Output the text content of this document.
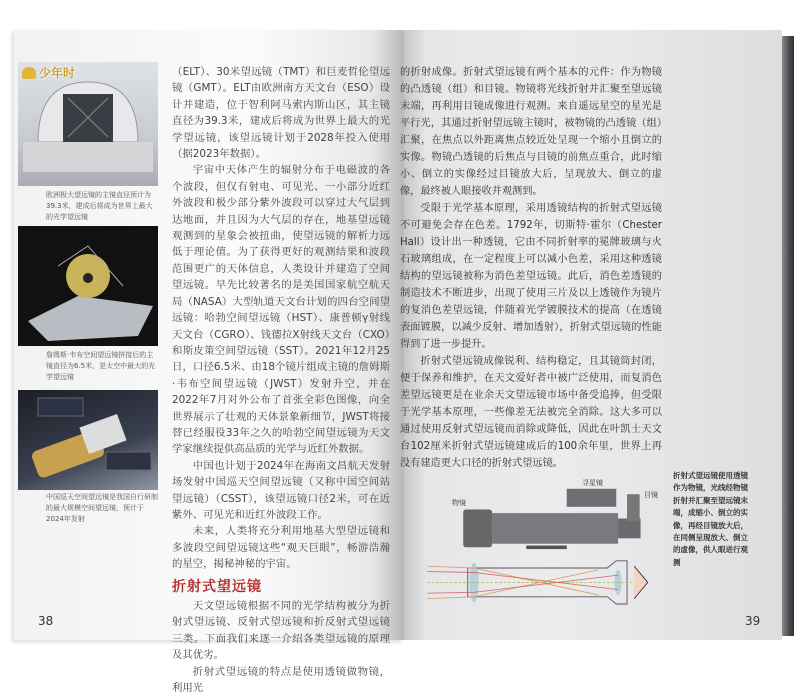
少年时
欧洲极大望远镜的主镜直径预计为39.3米，建成后将成为世界上最大的光学望远镜
詹姆斯·韦布空间望远镜拼接后的主镜直径为6.5米，是太空中最大的光学望远镜
中国巡天空间望远镜是我国自行研制的最大规模空间望远镜，预计于2024年发射

（ELT）、30米望远镜（TMT）和巨麦哲伦望远镜（GMT）。ELT由欧洲南方天文台（ESO）设计并建造，位于智利阿马索内斯山区，其主镜直径为39.3米，建成后将成为世界上最大的光学望远镜，该望远镜计划于2028年投入使用（据2023年数据）。

宇宙中天体产生的辐射分布于电磁波的各个波段，但仅有射电、可见光、一小部分近红外波段和极少部分紫外波段可以穿过大气层到达地面，并且因为大气层的存在，地基望远镜观测到的星象会被扭曲，使望远镜的解析力远低于理论值。为了获得更好的观测结果和波段范围更广的天体信息，人类设计并建造了空间望远镜。早先比较著名的是美国国家航空航天局（NASA）大型轨道天文台计划的四台空间望远镜：哈勃空间望远镜（HST）、康普顿γ射线天文台（CGRO）、钱德拉X射线天文台（CXO）和斯皮策空间望远镜（SST）。2021年12月25日，口径6.5米、由18个镜片组成主镜的詹姆斯·韦布空间望远镜（JWST）发射升空，并在2022年7月对外公布了首张全彩色图像，向全世界展示了壮观的天体景象新细节，JWST将接替已经服役33年之久的哈勃空间望远镜为天文学家继续提供高品质的光学与近红外数据。

中国也计划于2024年在海南文昌航天发射场发射中国巡天空间望远镜（又称中国空间站望远镜）（CSST），该望远镜口径2米，可在近紫外、可见光和近红外波段工作。

未来，人类将充分利用地基大型望远镜和多波段空间望远镜这些“观天巨眼”，畅游浩瀚的星空，揭秘神秘的宇宙。

折射式望远镜

天文望远镜根据不同的光学结构被分为折射式望远镜、反射式望远镜和折反射式望远镜三类。下面我们来逐一介绍各类望远镜的原理及其优劣。

折射式望远镜的特点是使用透镜做物镜，利用光

38

的折射成像。折射式望远镜有两个基本的元件：作为物镜的凸透镜（组）和目镜。物镜将光线折射并汇聚至望远镜末端，再利用目镜成像进行观测。来自遥远星空的星光是平行光，其通过折射望远镜主镜时，被物镜的凸透镜（组）汇聚，在焦点以外距离焦点较近处呈现一个缩小且倒立的实像。物镜凸透镜的后焦点与目镜的前焦点重合，此时缩小、倒立的实像经过目镜放大后，呈现放大、倒立的虚像，最终被人眼接收并观测到。

受限于光学基本原理，采用透镜结构的折射式望远镜不可避免会存在色差。1792年，切斯特·霍尔（Chester Hall）设计出一种透镜，它由不同折射率的冕牌玻璃与火石玻璃组成，在一定程度上可以减小色差，采用这种透镜结构的望远镜被称为消色差望远镜。此后，消色差透镜的制造技术不断进步，出现了使用三片及以上透镜作为镜片的复消色差望远镜，伴随着光学镀膜技术的提高（在透镜表面镀膜，以减少反射、增加透射），折射式望远镜的性能得到了进一步提升。

折射式望远镜成像锐利、结构稳定，且其镜筒封闭，便于保养和维护，在天文爱好者中被广泛使用，而复消色差望远镜更是在业余天文望远镜市场中备受追捧，但受限于光学基本原理，一些像差无法被完全消除。这大多可以通过使用反射式望远镜而消除或降低，因此在叶凯士天文台102厘米折射式望远镜建成后的100余年里，世界上再没有建造更大口径的折射式望远镜。

物镜
寻星镜
目镜
折射式望远镜使用透镜作为物镜，光线经物镜折射并汇聚至望远镜末端，成缩小、倒立的实像，再经目镜放大后，在同侧呈现放大、倒立的虚像，供人眼进行观测
39
